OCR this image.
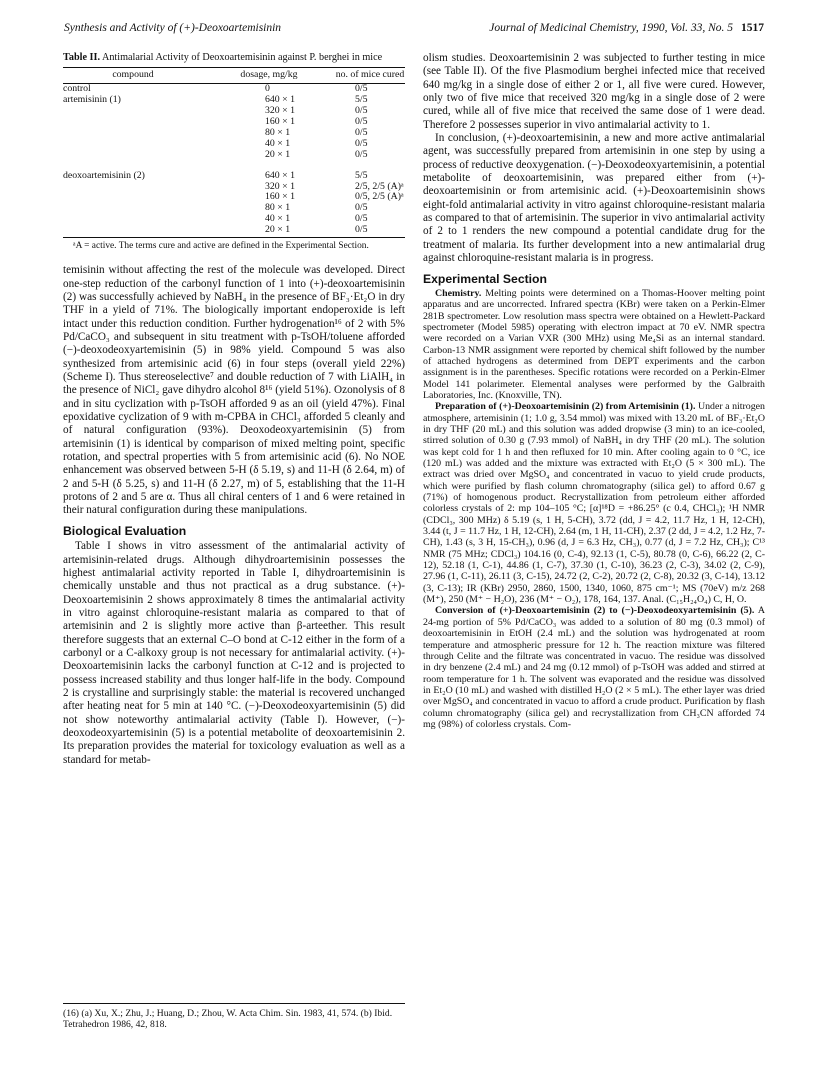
Synthesis and Activity of (+)-Deoxoartemisinin	Journal of Medicinal Chemistry, 1990, Vol. 33, No. 5 1517
Table II. Antimalarial Activity of Deoxoartemisinin against P. berghei in mice
compound	dosage, mg/kg	no. of mice cured
control	0	0/5
artemisinin (1)	640 × 1	5/5
	320 × 1	0/5
	160 × 1	0/5
	80 × 1	0/5
	40 × 1	0/5
	20 × 1	0/5

deoxoartemisinin (2)	640 × 1	5/5
	320 × 1	2/5, 2/5 (A)ᵃ
	160 × 1	0/5, 2/5 (A)ᵃ
	80 × 1	0/5
	40 × 1	0/5
	20 × 1	0/5
ᵃA = active. The terms cure and active are defined in the Experimental Section.

temisinin without affecting the rest of the molecule was developed. Direct one-step reduction of the carbonyl function of 1 into (+)-deoxoartemisinin (2) was successfully achieved by NaBH₄ in the presence of BF₃·Et₂O in dry THF in a yield of 71%. The biologically important endoperoxide is left intact under this reduction condition. Further hydrogenation¹⁶ of 2 with 5% Pd/CaCO₃ and subsequent in situ treatment with p-TsOH/toluene afforded (−)-deoxodeoxyartemisinin (5) in 98% yield. Compound 5 was also synthesized from artemisinic acid (6) in four steps (overall yield 22%) (Scheme I). Thus stereoselective⁷ and double reduction of 7 with LiAlH₄ in the presence of NiCl₂ gave dihydro alcohol 8¹⁶ (yield 51%). Ozonolysis of 8 and in situ cyclization with p-TsOH afforded 9 as an oil (yield 47%). Final epoxidative cyclization of 9 with m-CPBA in CHCl₃ afforded 5 cleanly and of natural configuration (93%). Deoxodeoxyartemisinin (5) from artemisinin (1) is identical by comparison of mixed melting point, specific rotation, and spectral properties with 5 from artemisinic acid (6). No NOE enhancement was observed between 5-H (δ 5.19, s) and 11-H (δ 2.64, m) of 2 and 5-H (δ 5.25, s) and 11-H (δ 2.27, m) of 5, establishing that the 11-H protons of 2 and 5 are α. Thus all chiral centers of 1 and 6 were retained in their natural configuration during these manipulations.

Biological Evaluation

Table I shows in vitro assessment of the antimalarial activity of artemisinin-related drugs. Although dihydroartemisinin possesses the highest antimalarial activity reported in Table I, dihydroartemisinin is chemically unstable and thus not practical as a drug substance. (+)-Deoxoartemisinin 2 shows approximately 8 times the antimalarial activity in vitro against chloroquine-resistant malaria as compared to that of artemisinin and 2 is slightly more active than β-arteether. This result therefore suggests that an external C–O bond at C-12 either in the form of a carbonyl or a C-alkoxy group is not necessary for antimalarial activity. (+)-Deoxoartemisinin lacks the carbonyl function at C-12 and is projected to possess increased stability and thus longer half-life in the body. Compound 2 is crystalline and surprisingly stable: the material is recovered unchanged after heating neat for 5 min at 140 °C. (−)-Deoxodeoxyartemisinin (5) did not show noteworthy antimalarial activity (Table I). However, (−)-deoxodeoxyartemisinin (5) is a potential metabolite of deoxoartemisinin 2. Its preparation provides the material for toxicology evaluation as well as a standard for metab-

(16) (a) Xu, X.; Zhu, J.; Huang, D.; Zhou, W. Acta Chim. Sin. 1983, 41, 574. (b) Ibid. Tetrahedron 1986, 42, 818.

olism studies. Deoxoartemisinin 2 was subjected to further testing in mice (see Table II). Of the five Plasmodium berghei infected mice that received 640 mg/kg in a single dose of either 2 or 1, all five were cured. However, only two of five mice that received 320 mg/kg in a single dose of 2 were cured, while all of five mice that received the same dose of 1 were dead. Therefore 2 possesses superior in vivo antimalarial activity to 1.

In conclusion, (+)-deoxoartemisinin, a new and more active antimalarial agent, was successfully prepared from artemisinin in one step by using a process of reductive deoxygenation. (−)-Deoxodeoxyartemisinin, a potential metabolite of deoxoartemisinin, was prepared either from (+)-deoxoartemisinin or from artemisinic acid. (+)-Deoxoartemisinin shows eight-fold antimalarial activity in vitro against chloroquine-resistant malaria as compared to that of artemisinin. The superior in vivo antimalarial activity of 2 to 1 renders the new compound a potential candidate drug for the treatment of malaria. Its further development into a new antimalarial drug against chloroquine-resistant malaria is in progress.

Experimental Section

Chemistry. Melting points were determined on a Thomas-Hoover melting point apparatus and are uncorrected. Infrared spectra (KBr) were taken on a Perkin-Elmer 281B spectrometer. Low resolution mass spectra were obtained on a Hewlett-Packard spectrometer (Model 5985) operating with electron impact at 70 eV. NMR spectra were recorded on a Varian VXR (300 MHz) using Me₄Si as an internal standard. Carbon-13 NMR assignment were reported by chemical shift followed by the number of attached hydrogens as determined from DEPT experiments and the carbon assignment is in the parentheses. Specific rotations were recorded on a Perkin-Elmer Model 141 polarimeter. Elemental analyses were performed by the Galbraith Laboratories, Inc. (Knoxville, TN).

Preparation of (+)-Deoxoartemisinin (2) from Artemisinin (1). Under a nitrogen atmosphere, artemisinin (1; 1.0 g, 3.54 mmol) was mixed with 13.20 mL of BF₃·Et₂O in dry THF (20 mL) and this solution was added dropwise (3 min) to an ice-cooled, stirred solution of 0.30 g (7.93 mmol) of NaBH₄ in dry THF (20 mL). The solution was kept cold for 1 h and then refluxed for 10 min. After cooling again to 0 °C, ice (120 mL) was added and the mixture was extracted with Et₂O (5 × 300 mL). The extract was dried over MgSO₄ and concentrated in vacuo to yield crude products, which were purified by flash column chromatography (silica gel) to afford 0.67 g (71%) of homogenous product. Recrystallization from petroleum either afforded colorless crystals of 2: mp 104–105 °C; [α]¹⁸D = +86.25° (c 0.4, CHCl₃); ¹H NMR (CDCl₃, 300 MHz) δ 5.19 (s, 1 H, 5-CH), 3.72 (dd, J = 4.2, 11.7 Hz, 1 H, 12-CH), 3.44 (t, J = 11.7 Hz, 1 H, 12-CH), 2.64 (m, 1 H, 11-CH), 2.37 (2 dd, J = 4.2, 1.2 Hz, 7-CH), 1.43 (s, 3 H, 15-CH₃), 0.96 (d, J = 6.3 Hz, CH₃), 0.77 (d, J = 7.2 Hz, CH₃); C¹³ NMR (75 MHz; CDCl₃) 104.16 (0, C-4), 92.13 (1, C-5), 80.78 (0, C-6), 66.22 (2, C-12), 52.18 (1, C-1), 44.86 (1, C-7), 37.30 (1, C-10), 36.23 (2, C-3), 34.02 (2, C-9), 27.96 (1, C-11), 26.11 (3, C-15), 24.72 (2, C-2), 20.72 (2, C-8), 20.32 (3, C-14), 13.12 (3, C-13); IR (KBr) 2950, 2860, 1500, 1340, 1060, 875 cm⁻¹; MS (70eV) m/z 268 (M⁺), 250 (M⁺ − H₂O), 236 (M⁺ − O₂), 178, 164, 137. Anal. (C₁₅H₂₄O₄) C, H, O.

Conversion of (+)-Deoxoartemisinin (2) to (−)-Deoxodeoxyartemisinin (5). A 24-mg portion of 5% Pd/CaCO₃ was added to a solution of 80 mg (0.3 mmol) of deoxoartemisinin in EtOH (2.4 mL) and the solution was hydrogenated at room temperature and atmospheric pressure for 12 h. The reaction mixture was filtered through Celite and the filtrate was concentrated in vacuo. The residue was dissolved in dry benzene (2.4 mL) and 24 mg (0.12 mmol) of p-TsOH was added and stirred at room temperature for 1 h. The solvent was evaporated and the residue was dissolved in Et₂O (10 mL) and washed with distilled H₂O (2 × 5 mL). The ether layer was dried over MgSO₄ and concentrated in vacuo to afford a crude product. Purification by flash column chromatography (silica gel) and recrystallization from CH₃CN afforded 74 mg (98%) of colorless crystals. Com-
